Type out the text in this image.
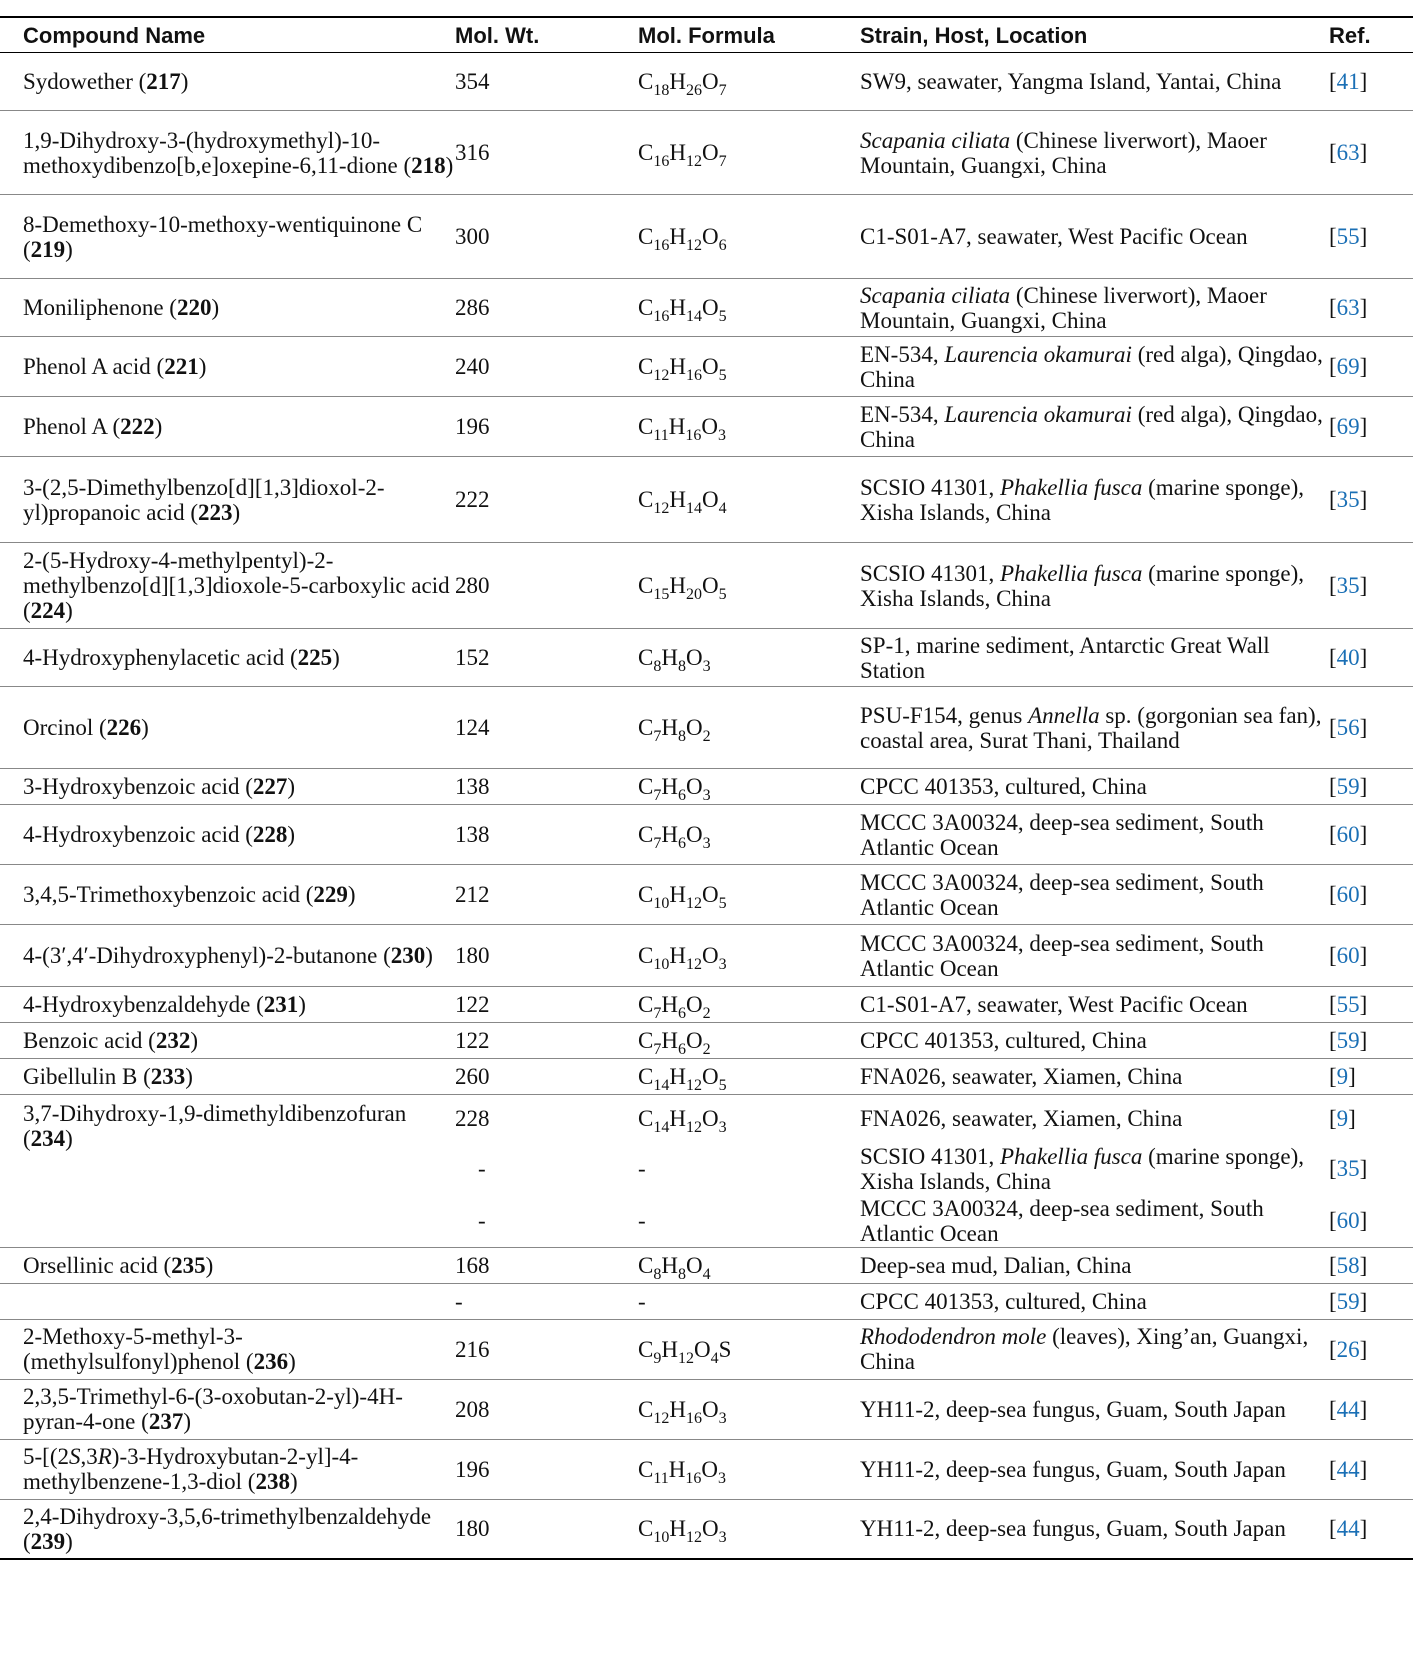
Compound Name	Mol. Wt.	Mol. Formula	Strain, Host, Location	Ref.
Sydowether (217)	354	$C_{18}H_{26}O_7$	SW9, seawater, Yangma Island, Yantai, China	[41]
1,9-Dihydroxy-3-(hydroxymethyl)-10-methoxydibenzo[b,e]oxepine-6,11-dione (218)	316	$C_{16}H_{12}O_7$	Scapania ciliata (Chinese liverwort), Maoer Mountain, Guangxi, China	[63]
8-Demethoxy-10-methoxy-wentiquinone C (219)	300	$C_{16}H_{12}O_6$	C1-S01-A7, seawater, West Pacific Ocean	[55]
Moniliphenone (220)	286	$C_{16}H_{14}O_5$	Scapania ciliata (Chinese liverwort), Maoer Mountain, Guangxi, China	[63]
Phenol A acid (221)	240	$C_{12}H_{16}O_5$	EN-534, Laurencia okamurai (red alga), Qingdao, China	[69]
Phenol A (222)	196	$C_{11}H_{16}O_3$	EN-534, Laurencia okamurai (red alga), Qingdao, China	[69]
3-(2,5-Dimethylbenzo[d][1,3]dioxol-2-yl)propanoic acid (223)	222	$C_{12}H_{14}O_4$	SCSIO 41301, Phakellia fusca (marine sponge), Xisha Islands, China	[35]
2-(5-Hydroxy-4-methylpentyl)-2-methylbenzo[d][1,3]dioxole-5-carboxylic acid (224)	280	$C_{15}H_{20}O_5$	SCSIO 41301, Phakellia fusca (marine sponge), Xisha Islands, China	[35]
4-Hydroxyphenylacetic acid (225)	152	$C_8H_8O_3$	SP-1, marine sediment, Antarctic Great Wall Station	[40]
Orcinol (226)	124	$C_7H_8O_2$	PSU-F154, genus Annella sp. (gorgonian sea fan), coastal area, Surat Thani, Thailand	[56]
3-Hydroxybenzoic acid (227)	138	$C_7H_6O_3$	CPCC 401353, cultured, China	[59]
4-Hydroxybenzoic acid (228)	138	$C_7H_6O_3$	MCCC 3A00324, deep-sea sediment, South Atlantic Ocean	[60]
3,4,5-Trimethoxybenzoic acid (229)	212	$C_{10}H_{12}O_5$	MCCC 3A00324, deep-sea sediment, South Atlantic Ocean	[60]
4-(3′,4′-Dihydroxyphenyl)-2-butanone (230)	180	$C_{10}H_{12}O_3$	MCCC 3A00324, deep-sea sediment, South Atlantic Ocean	[60]
4-Hydroxybenzaldehyde (231)	122	$C_7H_6O_2$	C1-S01-A7, seawater, West Pacific Ocean	[55]
Benzoic acid (232)	122	$C_7H_6O_2$	CPCC 401353, cultured, China	[59]
Gibellulin B (233)	260	$C_{14}H_{12}O_5$	FNA026, seawater, Xiamen, China	[9]
3,7-Dihydroxy-1,9-dimethyldibenzofuran (234)	228	$C_{14}H_{12}O_3$	FNA026, seawater, Xiamen, China	[9]
	-	-	SCSIO 41301, Phakellia fusca (marine sponge), Xisha Islands, China	[35]
	-	-	MCCC 3A00324, deep-sea sediment, South Atlantic Ocean	[60]
Orsellinic acid (235)	168	$C_8H_8O_4$	Deep-sea mud, Dalian, China	[58]
	-	-	CPCC 401353, cultured, China	[59]
2-Methoxy-5-methyl-3-(methylsulfonyl)phenol (236)	216	$C_9H_{12}O_4S$	Rhododendron mole (leaves), Xing’an, Guangxi, China	[26]
2,3,5-Trimethyl-6-(3-oxobutan-2-yl)-4H-pyran-4-one (237)	208	$C_{12}H_{16}O_3$	YH11-2, deep-sea fungus, Guam, South Japan	[44]
5-[(2S,3R)-3-Hydroxybutan-2-yl]-4-methylbenzene-1,3-diol (238)	196	$C_{11}H_{16}O_3$	YH11-2, deep-sea fungus, Guam, South Japan	[44]
2,4-Dihydroxy-3,5,6-trimethylbenzaldehyde (239)	180	$C_{10}H_{12}O_3$	YH11-2, deep-sea fungus, Guam, South Japan	[44]
